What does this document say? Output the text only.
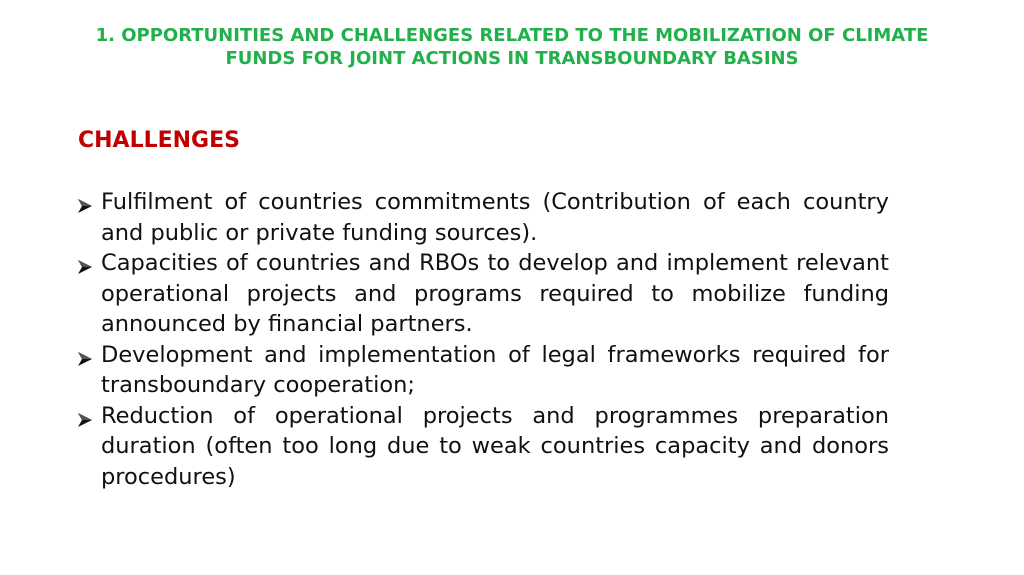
1. OPPORTUNITIES AND CHALLENGES RELATED TO THE MOBILIZATION OF CLIMATE FUNDS FOR JOINT ACTIONS IN TRANSBOUNDARY BASINS
CHALLENGES
Fulfilment of countries commitments (Contribution of each country and public or private funding sources).
Capacities of countries and RBOs to develop and implement relevant operational projects and programs required to mobilize funding announced by financial partners.
Development and implementation of legal frameworks required for transboundary cooperation;
Reduction of operational projects and programmes preparation duration (often too long due to weak countries capacity and donors procedures)
